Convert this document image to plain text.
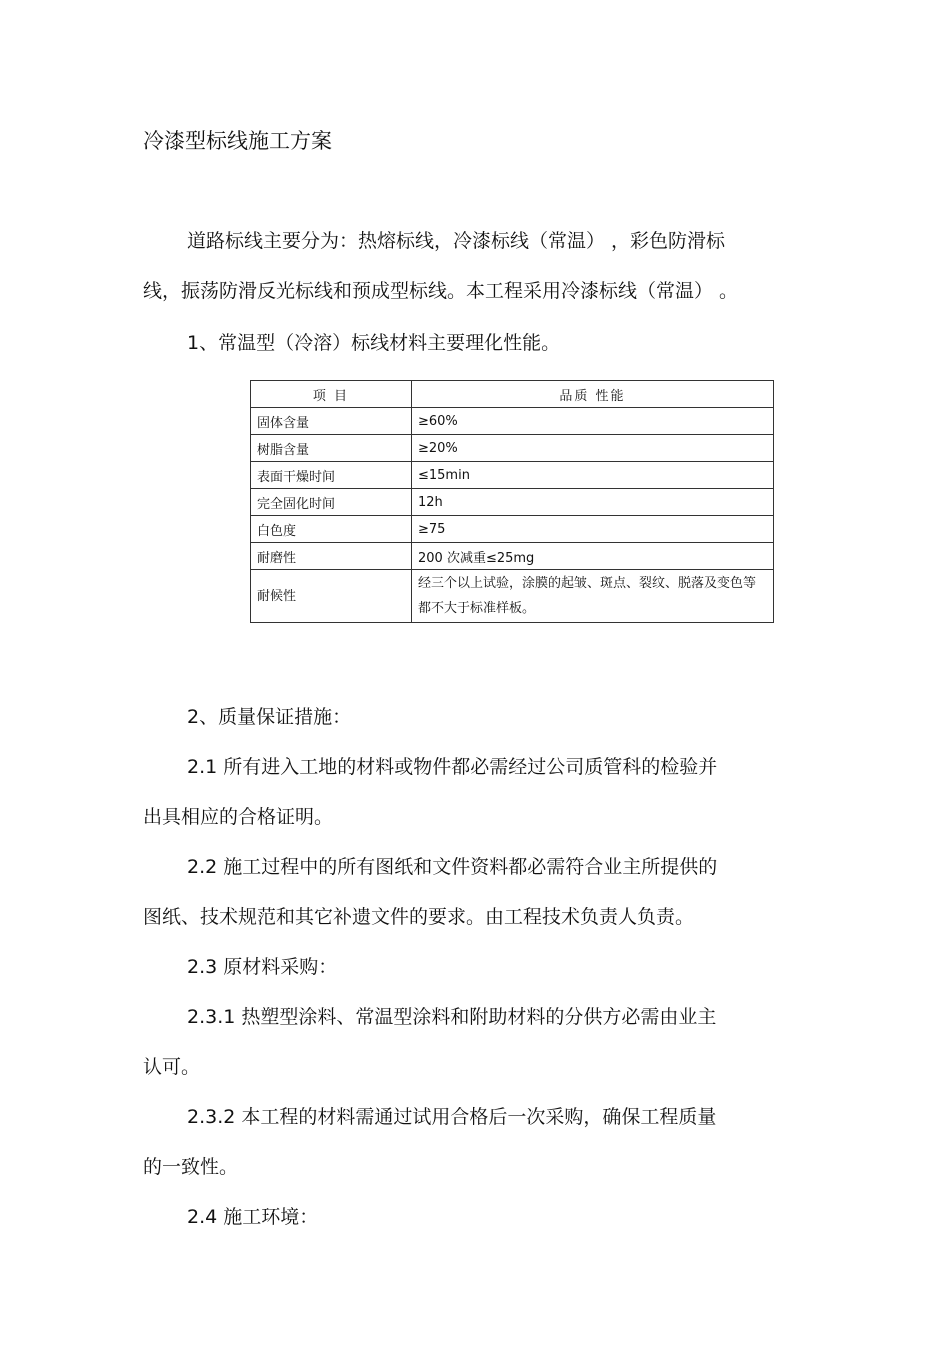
冷漆型标线施工方案

道路标线主要分为：热熔标线，冷漆标线（常温） ，彩色防滑标

线，振荡防滑反光标线和预成型标线。本工程采用冷漆标线（常温） 。

1、常温型（冷溶）标线材料主要理化性能。

项 目	品质 性能
固体含量	≥60%
树脂含量	≥20%
表面干燥时间	≤15min
完全固化时间	12h
白色度	≥75
耐磨性	200 次减重≤25mg
耐候性	经三个以上试验，涂膜的起皱、斑点、裂纹、脱落及变色等都不大于标准样板。

2、质量保证措施：

2.1 所有进入工地的材料或物件都必需经过公司质管科的检验并

出具相应的合格证明。

2.2 施工过程中的所有图纸和文件资料都必需符合业主所提供的

图纸、技术规范和其它补遗文件的要求。由工程技术负责人负责。

2.3 原材料采购：

2.3.1 热塑型涂料、常温型涂料和附助材料的分供方必需由业主

认可。

2.3.2 本工程的材料需通过试用合格后一次采购，确保工程质量

的一致性。

2.4 施工环境：
